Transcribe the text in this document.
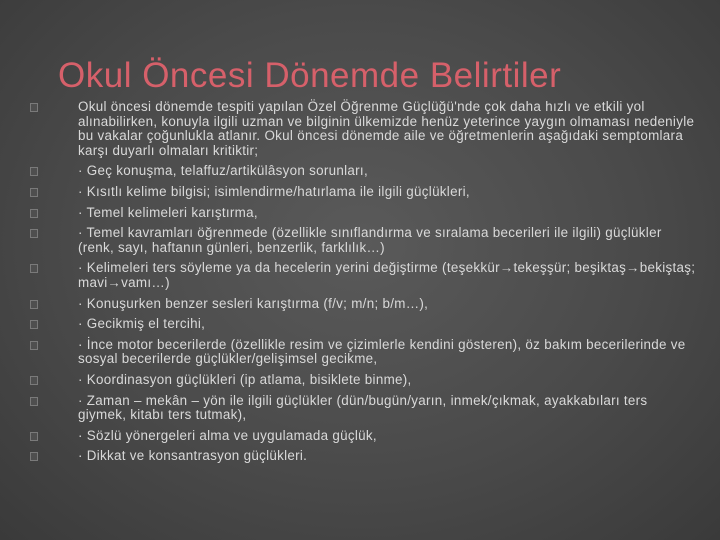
Okul Öncesi Dönemde Belirtiler
Okul öncesi dönemde tespiti yapılan Özel Öğrenme Güçlüğü'nde çok daha hızlı ve etkili yol alınabilirken, konuyla ilgili uzman ve bilginin ülkemizde henüz yeterince yaygın olmaması nedeniyle bu vakalar çoğunlukla atlanır. Okul öncesi dönemde aile ve öğretmenlerin aşağıdaki semptomlara karşı duyarlı olmaları kritiktir;
· Geç konuşma, telaffuz/artikülâsyon sorunları,
· Kısıtlı kelime bilgisi; isimlendirme/hatırlama ile ilgili güçlükleri,
· Temel kelimeleri karıştırma,
· Temel kavramları öğrenmede (özellikle sınıflandırma ve sıralama becerileri ile ilgili) güçlükler (renk, sayı, haftanın günleri, benzerlik, farklılık…)
· Kelimeleri ters söyleme ya da hecelerin yerini değiştirme (teşekkür→tekeşşür; beşiktaş→bekiştaş; mavi→vamı…)
· Konuşurken benzer sesleri karıştırma (f/v; m/n; b/m…),
· Gecikmiş el tercihi,
· İnce motor becerilerde (özellikle resim ve çizimlerle kendini gösteren), öz bakım becerilerinde ve sosyal becerilerde güçlükler/gelişimsel gecikme,
· Koordinasyon güçlükleri (ip atlama, bisiklete binme),
· Zaman – mekân – yön ile ilgili güçlükler (dün/bugün/yarın, inmek/çıkmak, ayakkabıları ters giymek, kitabı ters tutmak),
· Sözlü yönergeleri alma ve uygulamada güçlük,
· Dikkat ve konsantrasyon güçlükleri.
